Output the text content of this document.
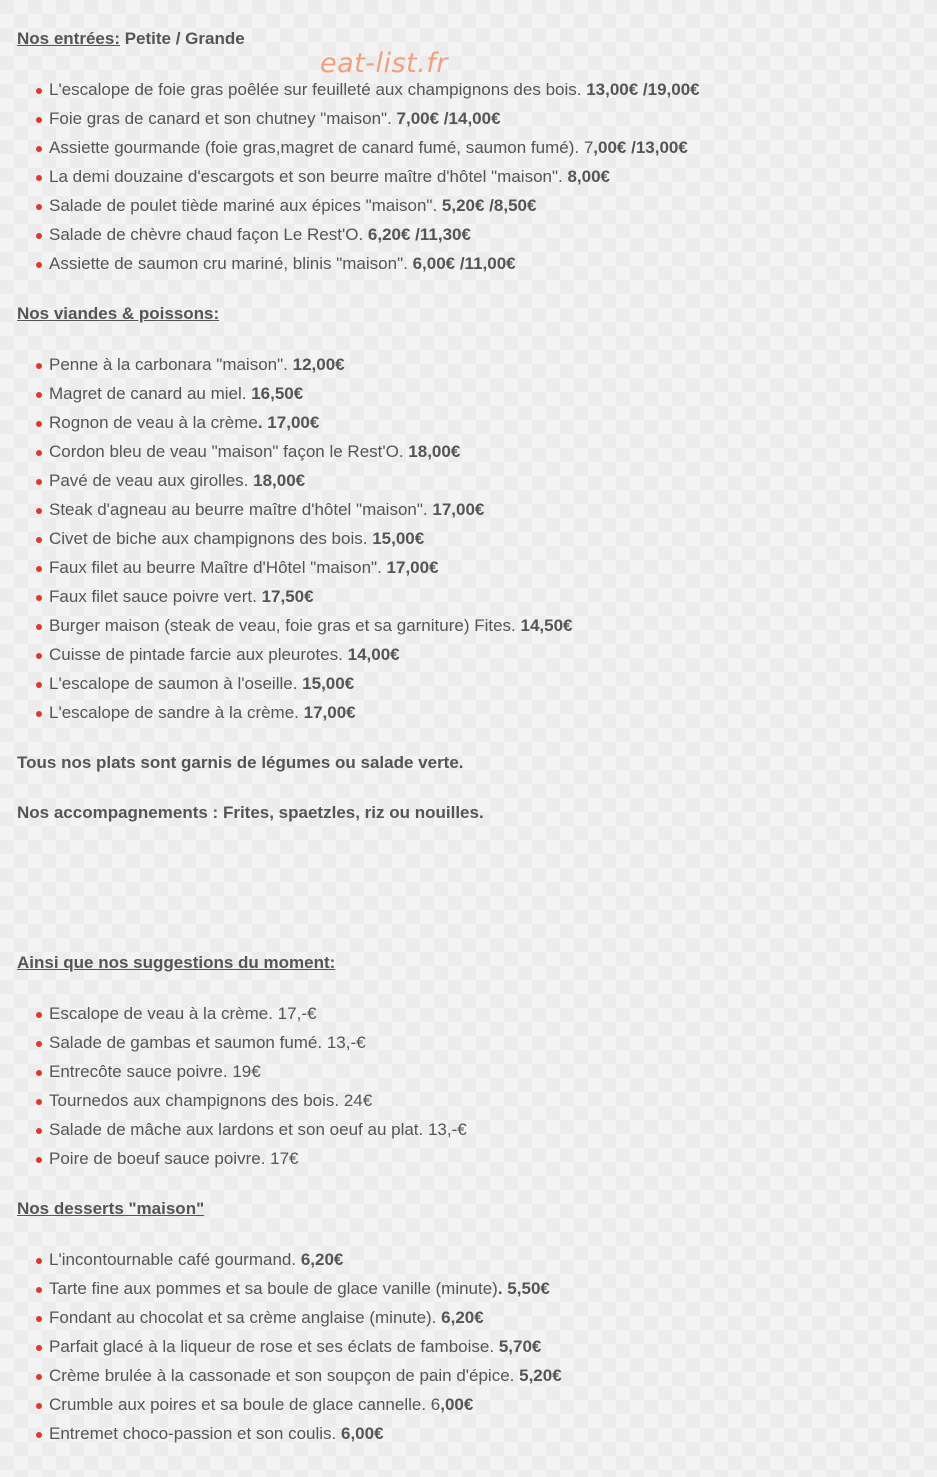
eat-list.fr
Nos entrées: Petite / Grande
L'escalope de foie gras poêlée sur feuilleté aux champignons des bois. 13,00€ /19,00€
Foie gras de canard et son chutney "maison". 7,00€ /14,00€
Assiette gourmande (foie gras,magret de canard fumé, saumon fumé). 7,00€ /13,00€
La demi douzaine d'escargots et son beurre maître d'hôtel "maison". 8,00€
Salade de poulet tiède mariné aux épices "maison". 5,20€ /8,50€
Salade de chèvre chaud façon Le Rest'O. 6,20€ /11,30€
Assiette de saumon cru mariné, blinis "maison". 6,00€ /11,00€
Nos viandes & poissons:
Penne à la carbonara "maison". 12,00€
Magret de canard au miel. 16,50€
Rognon de veau à la crème. 17,00€
Cordon bleu de veau "maison" façon le Rest'O. 18,00€
Pavé de veau aux girolles. 18,00€
Steak d'agneau au beurre maître d'hôtel "maison". 17,00€
Civet de biche aux champignons des bois. 15,00€
Faux filet au beurre Maître d'Hôtel "maison". 17,00€
Faux filet sauce poivre vert. 17,50€
Burger maison (steak de veau, foie gras et sa garniture) Fites. 14,50€
Cuisse de pintade farcie aux pleurotes. 14,00€
L'escalope de saumon à l'oseille. 15,00€
L'escalope de sandre à la crème. 17,00€
Tous nos plats sont garnis de légumes ou salade verte.
Nos accompagnements : Frites, spaetzles, riz ou nouilles.
Ainsi que nos suggestions du moment:
Escalope de veau à la crème. 17,-€
Salade de gambas et saumon fumé. 13,-€
Entrecôte sauce poivre. 19€
Tournedos aux champignons des bois. 24€
Salade de mâche aux lardons et son oeuf au plat. 13,-€
Poire de boeuf sauce poivre. 17€
Nos desserts "maison"
L'incontournable café gourmand. 6,20€
Tarte fine aux pommes et sa boule de glace vanille (minute). 5,50€
Fondant au chocolat et sa crème anglaise (minute). 6,20€
Parfait glacé à la liqueur de rose et ses éclats de famboise. 5,70€
Crème brulée à la cassonade et son soupçon de pain d'épice. 5,20€
Crumble aux poires et sa boule de glace cannelle. 6,00€
Entremet choco-passion et son coulis. 6,00€
